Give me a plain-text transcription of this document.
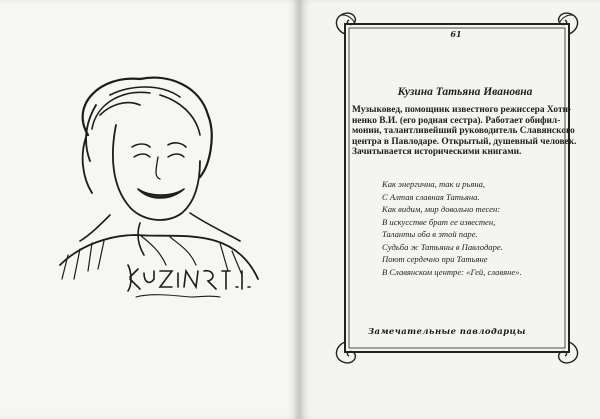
61
Кузина Татьяна Ивановна
Музыковед, помощник известного режиссера Хоти-
ненко В.И. (его родная сестра). Работает обифил-
монии, талантливейший руководитель Славянского
центра в Павлодаре. Открытый, душевный человек.
Зачитывается историческими книгами.
Как энергична, так и рьяна,
С Алтая славная Татьяна.
Как видим, мир довольно тесен:
В искусстве брат ее известен,
Таланты оба в этой паре.
Судьба ж Татьяны в Павлодаре.
Поют сердечно при Татьяне
В Славянском центре: «Гей, славяне».
Замечательные павлодарцы
